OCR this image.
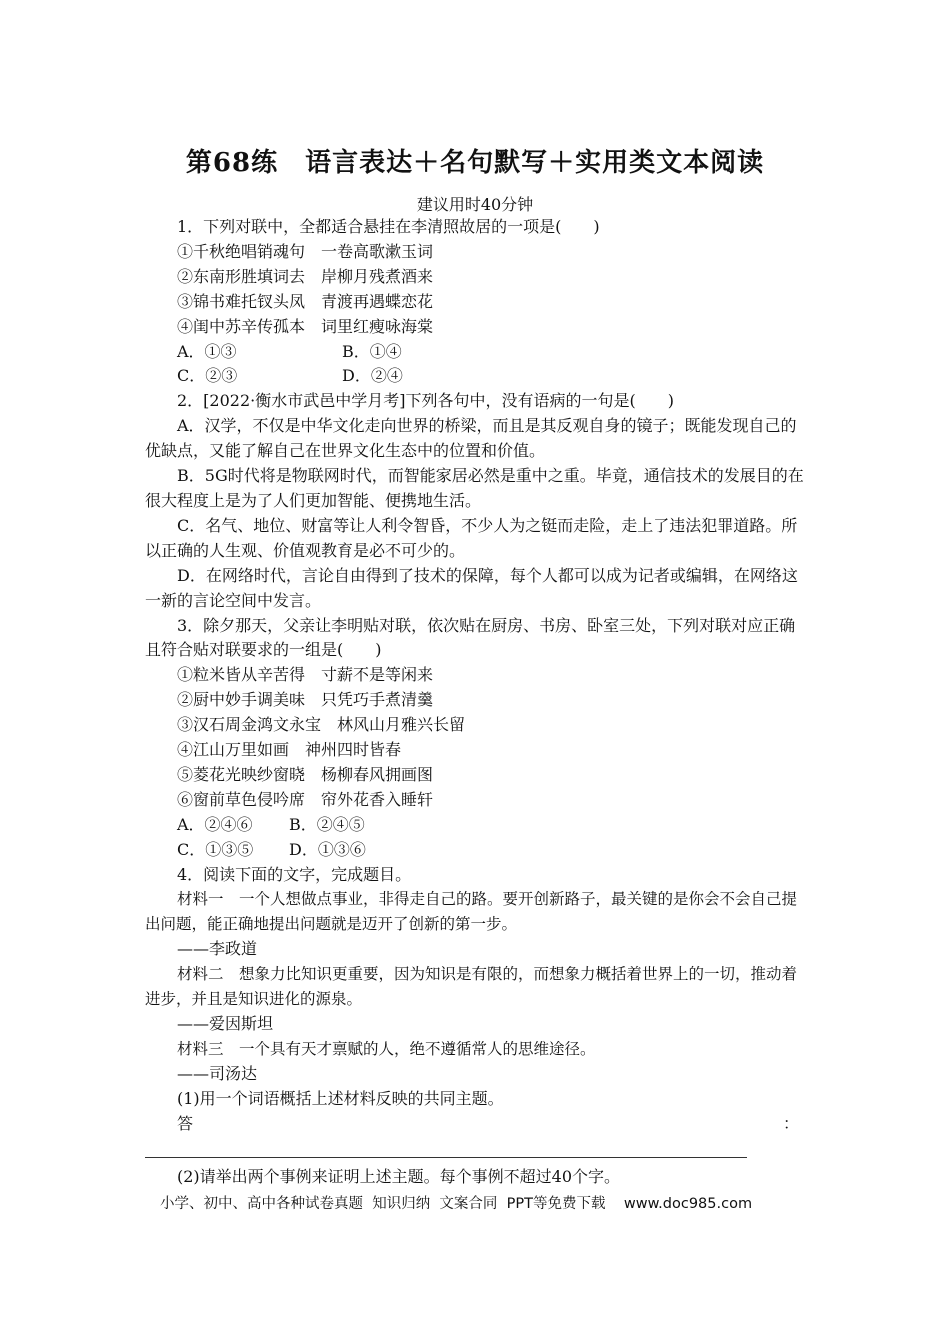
第68练　语言表达＋名句默写＋实用类文本阅读
建议用时40分钟

1．下列对联中，全都适合悬挂在李清照故居的一项是(　　)

①千秋绝唱销魂句　一卷高歌漱玉词

②东南形胜填词去　岸柳月残煮酒来

③锦书难托钗头凤　青渡再遇蝶恋花

④闺中苏辛传孤本　词里红瘦咏海棠

A．①③	B．①④

C．②③	D．②④

2．[2022·衡水市武邑中学月考]下列各句中，没有语病的一句是(　　)

A．汉学，不仅是中华文化走向世界的桥梁，而且是其反观自身的镜子；既能发现自己的优缺点，又能了解自己在世界文化生态中的位置和价值。

B．5G时代将是物联网时代，而智能家居必然是重中之重。毕竟，通信技术的发展目的在很大程度上是为了人们更加智能、便携地生活。

C．名气、地位、财富等让人利令智昏，不少人为之铤而走险，走上了违法犯罪道路。所以正确的人生观、价值观教育是必不可少的。

D．在网络时代，言论自由得到了技术的保障，每个人都可以成为记者或编辑，在网络这一新的言论空间中发言。

3．除夕那天，父亲让李明贴对联，依次贴在厨房、书房、卧室三处，下列对联对应正确且符合贴对联要求的一组是(　　)

①粒米皆从辛苦得　寸薪不是等闲来

②厨中妙手调美味　只凭巧手煮清羹

③汉石周金鸿文永宝　林风山月雅兴长留

④江山万里如画　神州四时皆春

⑤菱花光映纱窗晓　杨柳春风拥画图

⑥窗前草色侵吟席　帘外花香入睡轩

A．②④⑥ B．②④⑤

C．①③⑤ D．①③⑥

4．阅读下面的文字，完成题目。

材料一　一个人想做点事业，非得走自己的路。要开创新路子，最关键的是你会不会自己提出问题，能正确地提出问题就是迈开了创新的第一步。

——李政道

材料二　想象力比知识更重要，因为知识是有限的，而想象力概括着世界上的一切，推动着进步，并且是知识进化的源泉。

——爱因斯坦

材料三　一个具有天才禀赋的人，绝不遵循常人的思维途径。

——司汤达

(1)用一个词语概括上述材料反映的共同主题。

答	：

(2)请举出两个事例来证明上述主题。每个事例不超过40个字。
小学、初中、高中各种试卷真题  知识归纳  文案合同  PPT等免费下载    www.doc985.com
